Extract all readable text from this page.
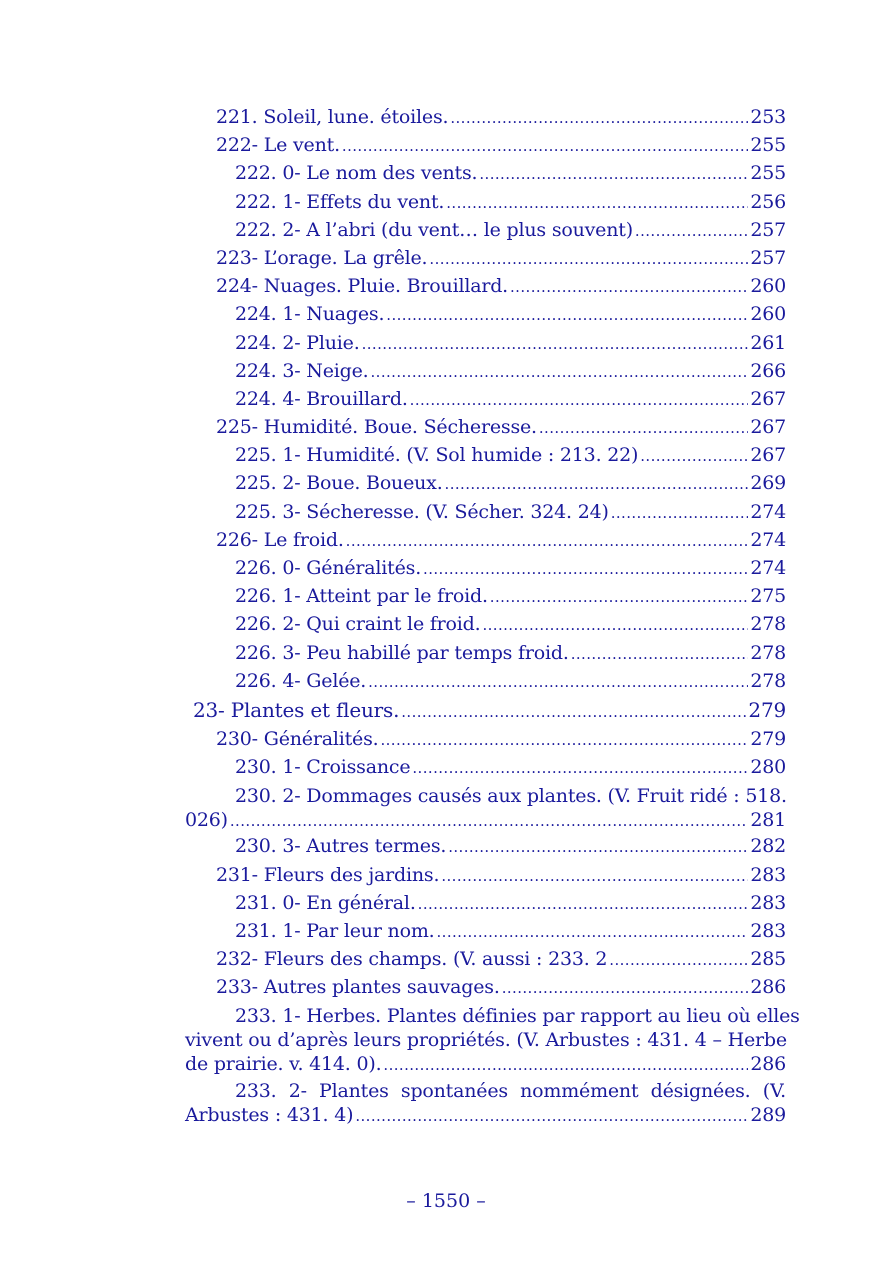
221. Soleil, lune. étoiles. .....	253
222- Le vent. .....	255
222. 0- Le nom des vents. .....	255
222. 1- Effets du vent. .....	256
222. 2- A l’abri (du vent… le plus souvent) .....	257
223- L’orage. La grêle. .....	257
224- Nuages. Pluie. Brouillard. .....	260
224. 1- Nuages. .....	260
224. 2- Pluie. .....	261
224. 3- Neige. .....	266
224. 4- Brouillard. .....	267
225- Humidité. Boue. Sécheresse. .....	267
225. 1- Humidité. (V. Sol humide : 213. 22) .....	267
225. 2- Boue. Boueux. .....	269
225. 3- Sécheresse. (V. Sécher. 324. 24) .....	274
226- Le froid. .....	274
226. 0- Généralités. .....	274
226. 1- Atteint par le froid. .....	275
226. 2- Qui craint le froid. .....	278
226. 3- Peu habillé par temps froid. .....	278
226. 4- Gelée. .....	278
23- Plantes et fleurs. .....	279
230- Généralités. .....	279
230. 1- Croissance .....	280
230. 2- Dommages causés aux plantes. (V. Fruit ridé : 518.
026) .....	281
230. 3- Autres termes. .....	282
231- Fleurs des jardins. .....	283
231. 0- En général. .....	283
231. 1- Par leur nom. .....	283
232- Fleurs des champs. (V. aussi : 233. 2 .....	285
233- Autres plantes sauvages. .....	286
233. 1- Herbes. Plantes définies par rapport au lieu où elles
vivent ou d’après leurs propriétés. (V. Arbustes : 431. 4 – Herbe
de prairie. v. 414. 0). .....	286
233. 2- Plantes spontanées nommément désignées. (V.
Arbustes : 431. 4) .....	289
– 1550 –
